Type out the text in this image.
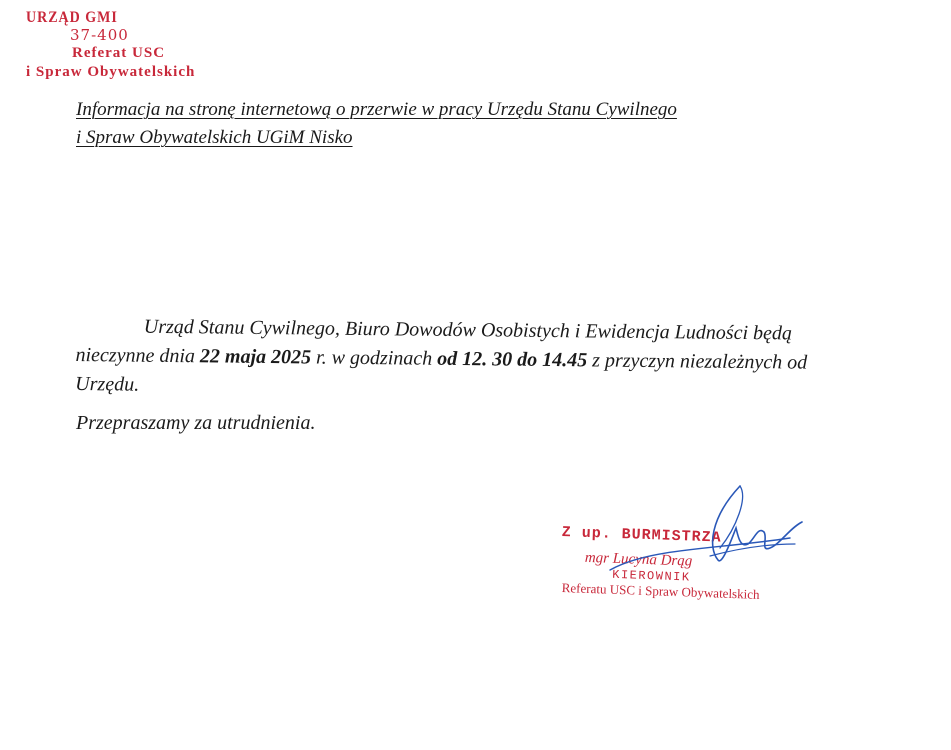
URZĄD GMI
37-400
Referat USC
i Spraw Obywatelskich
Informacja na stronę internetową o przerwie w pracy Urzędu Stanu Cywilnego
i Spraw Obywatelskich UGiM Nisko
Urząd Stanu Cywilnego, Biuro Dowodów Osobistych i Ewidencja Ludności będą nieczynne dnia 22 maja 2025 r. w godzinach od 12. 30 do 14.45 z przyczyn niezależnych od Urzędu.
Przepraszamy za utrudnienia.
Z up. BURMISTRZA
mgr Lucyna Drąg
KIEROWNIK
Referatu USC i Spraw Obywatelskich
